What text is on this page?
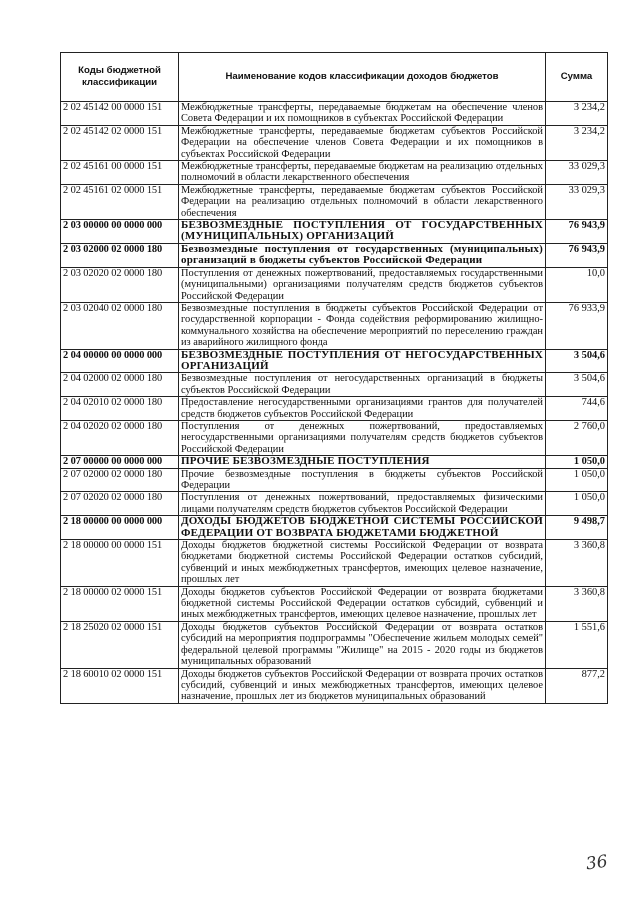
Коды бюджетной классификации	Наименование кодов классификации доходов бюджетов	Сумма
2 02 45142 00 0000 151	Межбюджетные трансферты, передаваемые бюджетам на обеспечение членов Совета Федерации и их помощников в субъектах Российской Федерации	3 234,2
2 02 45142 02 0000 151	Межбюджетные трансферты, передаваемые бюджетам субъектов Российской Федерации на обеспечение членов Совета Федерации и их помощников в субъектах Российской Федерации	3 234,2
2 02 45161 00 0000 151	Межбюджетные трансферты, передаваемые бюджетам на реализацию отдельных полномочий в области лекарственного обеспечения	33 029,3
2 02 45161 02 0000 151	Межбюджетные трансферты, передаваемые бюджетам субъектов Российской Федерации на реализацию отдельных полномочий в области лекарственного обеспечения	33 029,3
2 03 00000 00 0000 000	БЕЗВОЗМЕЗДНЫЕ ПОСТУПЛЕНИЯ ОТ ГОСУДАРСТВЕННЫХ (МУНИЦИПАЛЬНЫХ) ОРГАНИЗАЦИЙ	76 943,9
2 03 02000 02 0000 180	Безвозмездные поступления от государственных (муниципальных) организаций в бюджеты субъектов Российской Федерации	76 943,9
2 03 02020 02 0000 180	Поступления от денежных пожертвований, предоставляемых государственными (муниципальными) организациями получателям средств бюджетов субъектов Российской Федерации	10,0
2 03 02040 02 0000 180	Безвозмездные поступления в бюджеты субъектов Российской Федерации от государственной корпорации - Фонда содействия реформированию жилищно-коммунального хозяйства на обеспечение мероприятий по переселению граждан из аварийного жилищного фонда	76 933,9
2 04 00000 00 0000 000	БЕЗВОЗМЕЗДНЫЕ ПОСТУПЛЕНИЯ ОТ НЕГОСУДАРСТВЕННЫХ ОРГАНИЗАЦИЙ	3 504,6
2 04 02000 02 0000 180	Безвозмездные поступления от негосударственных организаций в бюджеты субъектов Российской Федерации	3 504,6
2 04 02010 02 0000 180	Предоставление негосударственными организациями грантов для получателей средств бюджетов субъектов Российской Федерации	744,6
2 04 02020 02 0000 180	Поступления от денежных пожертвований, предоставляемых негосударственными организациями получателям средств бюджетов субъектов Российской Федерации	2 760,0
2 07 00000 00 0000 000	ПРОЧИЕ БЕЗВОЗМЕЗДНЫЕ ПОСТУПЛЕНИЯ	1 050,0
2 07 02000 02 0000 180	Прочие безвозмездные поступления в бюджеты субъектов Российской Федерации	1 050,0
2 07 02020 02 0000 180	Поступления от денежных пожертвований, предоставляемых физическими лицами получателям средств бюджетов субъектов Российской Федерации	1 050,0
2 18 00000 00 0000 000	ДОХОДЫ БЮДЖЕТОВ БЮДЖЕТНОЙ СИСТЕМЫ РОССИЙСКОЙ ФЕДЕРАЦИИ ОТ ВОЗВРАТА БЮДЖЕТАМИ БЮДЖЕТНОЙ	9 498,7
2 18 00000 00 0000 151	Доходы бюджетов бюджетной системы Российской Федерации от возврата бюджетами бюджетной системы Российской Федерации остатков субсидий, субвенций и иных межбюджетных трансфертов, имеющих целевое назначение, прошлых лет	3 360,8
2 18 00000 02 0000 151	Доходы бюджетов субъектов Российской Федерации от возврата бюджетами бюджетной системы Российской Федерации остатков субсидий, субвенций и иных межбюджетных трансфертов, имеющих целевое назначение, прошлых лет	3 360,8
2 18 25020 02 0000 151	Доходы бюджетов субъектов Российской Федерации от возврата остатков субсидий на мероприятия подпрограммы "Обеспечение жильем молодых семей" федеральной целевой программы "Жилище" на 2015 - 2020 годы из бюджетов муниципальных образований	1 551,6
2 18 60010 02 0000 151	Доходы бюджетов субъектов Российской Федерации от возврата прочих остатков субсидий, субвенций и иных межбюджетных трансфертов, имеющих целевое назначение, прошлых лет из бюджетов муниципальных образований	877,2
36
